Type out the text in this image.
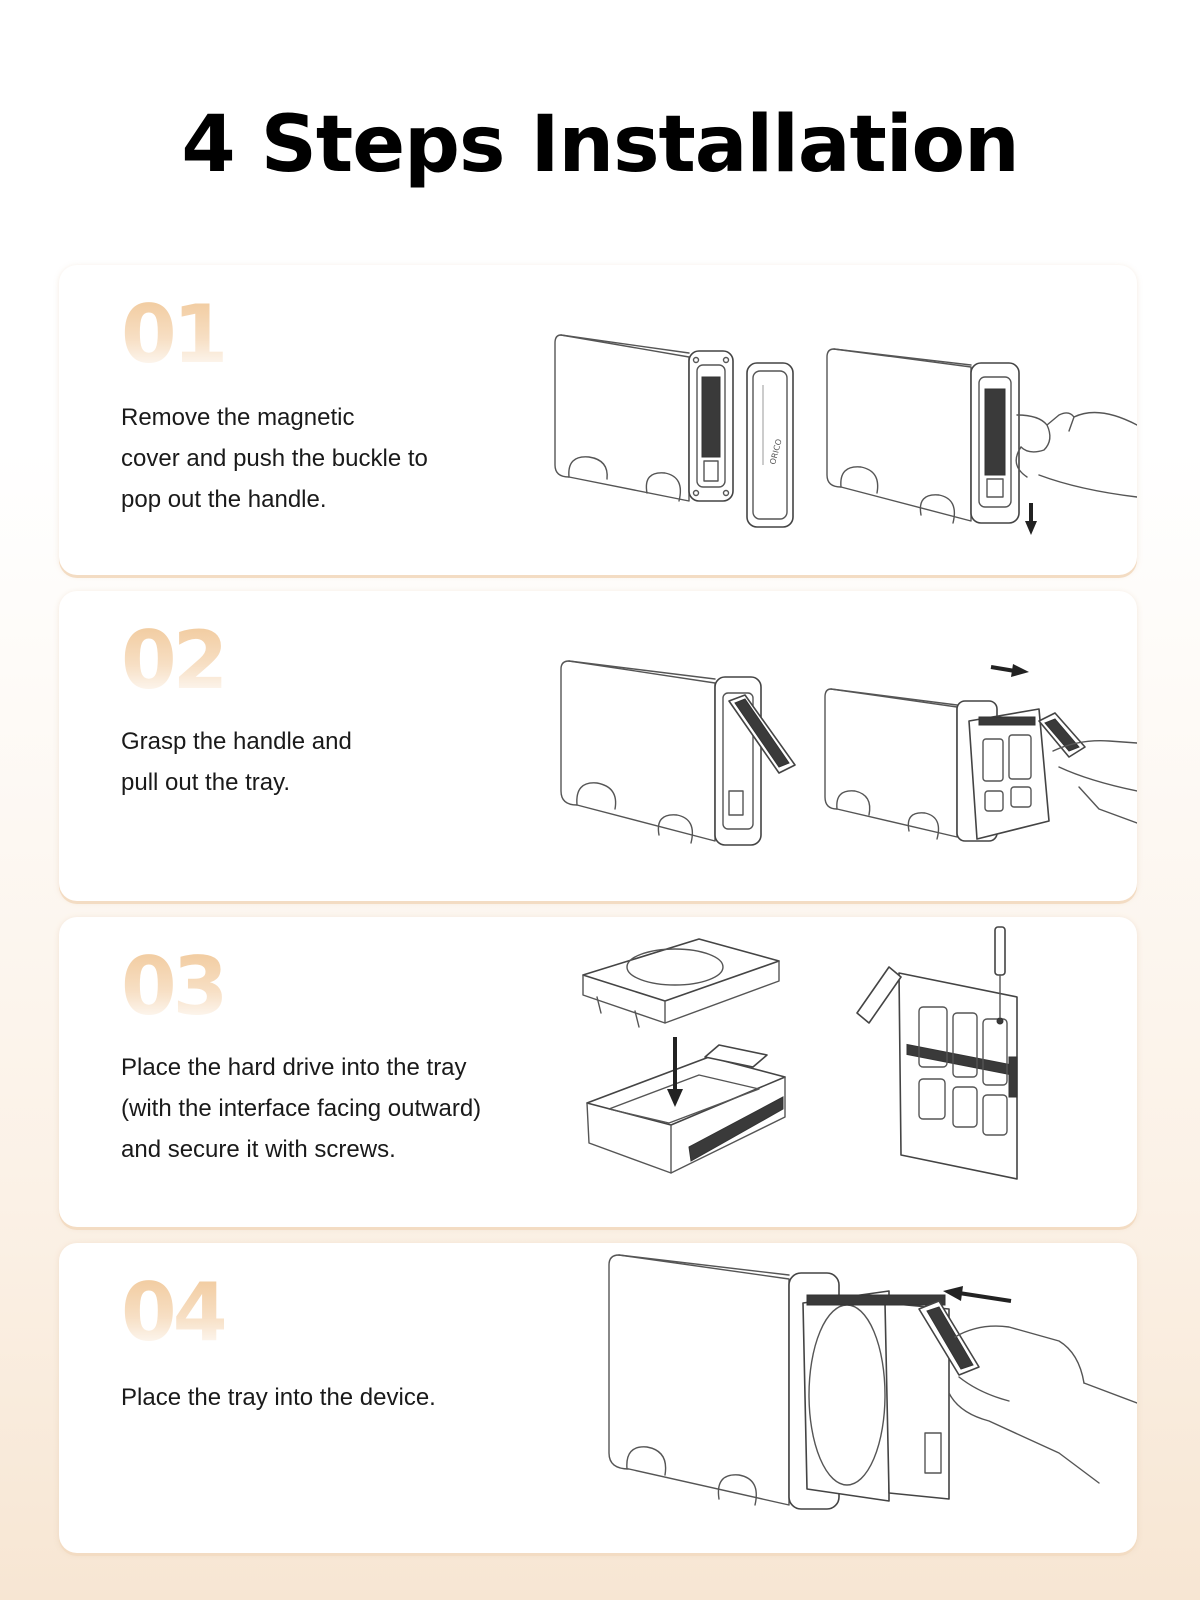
4 Steps Installation
01
Remove the magnetic
cover and push the buckle to
pop out the handle.
ORICO
02
Grasp the handle and
pull out the tray.
03
Place the hard drive into the tray
(with the interface facing outward)
and secure it with screws.
04
Place the tray into the device.
